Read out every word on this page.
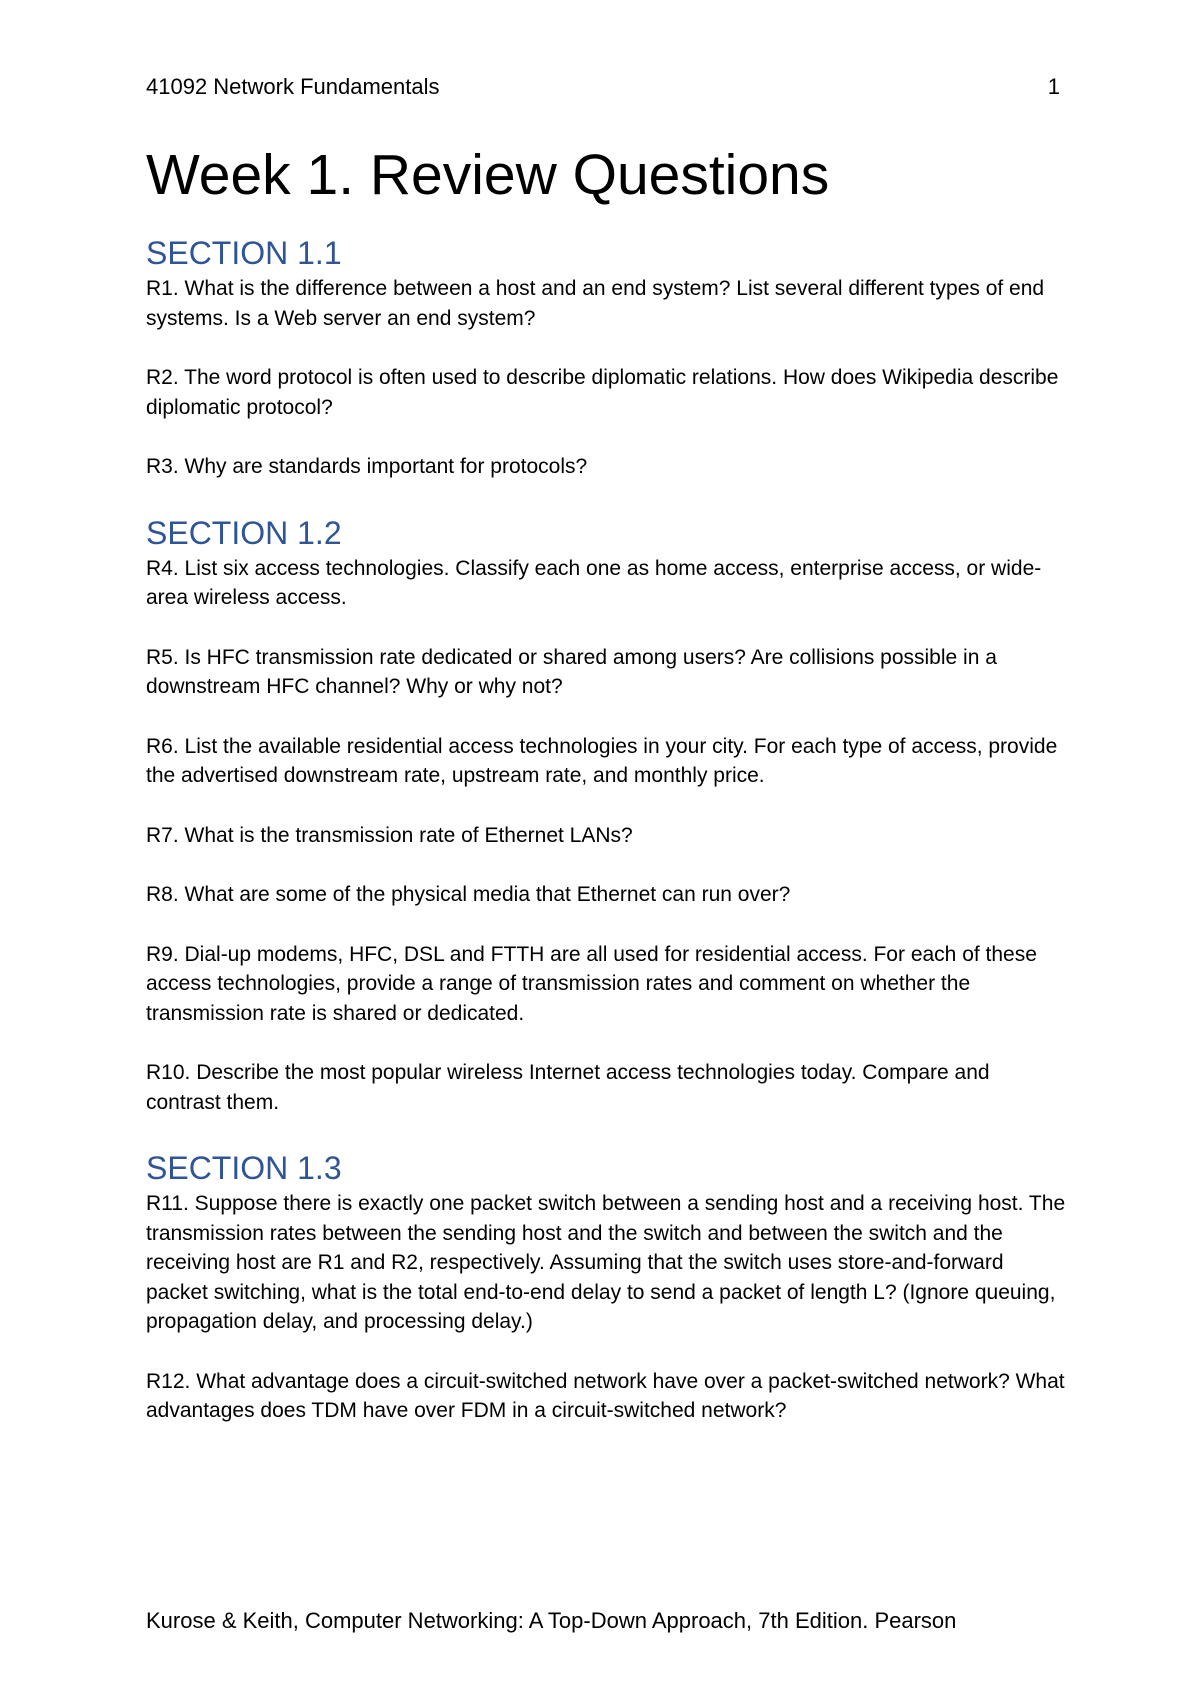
41092 Network Fundamentals	1
Week 1. Review Questions
SECTION 1.1

R1. What is the difference between a host and an end system? List several different types of end systems. Is a Web server an end system?

R2. The word protocol is often used to describe diplomatic relations. How does Wikipedia describe diplomatic protocol?

R3. Why are standards important for protocols?

SECTION 1.2

R4. List six access technologies. Classify each one as home access, enterprise access, or wide-area wireless access.

R5. Is HFC transmission rate dedicated or shared among users? Are collisions possible in a downstream HFC channel? Why or why not?

R6. List the available residential access technologies in your city. For each type of access, provide the advertised downstream rate, upstream rate, and monthly price.

R7. What is the transmission rate of Ethernet LANs?

R8. What are some of the physical media that Ethernet can run over?

R9. Dial-up modems, HFC, DSL and FTTH are all used for residential access. For each of these access technologies, provide a range of transmission rates and comment on whether the transmission rate is shared or dedicated.

R10. Describe the most popular wireless Internet access technologies today. Compare and contrast them.

SECTION 1.3

R11. Suppose there is exactly one packet switch between a sending host and a receiving host. The transmission rates between the sending host and the switch and between the switch and the receiving host are R1 and R2, respectively. Assuming that the switch uses store-and-forward packet switching, what is the total end-to-end delay to send a packet of length L? (Ignore queuing, propagation delay, and processing delay.)

R12. What advantage does a circuit-switched network have over a packet-switched network? What advantages does TDM have over FDM in a circuit-switched network?

Kurose & Keith, Computer Networking: A Top-Down Approach, 7th Edition. Pearson
